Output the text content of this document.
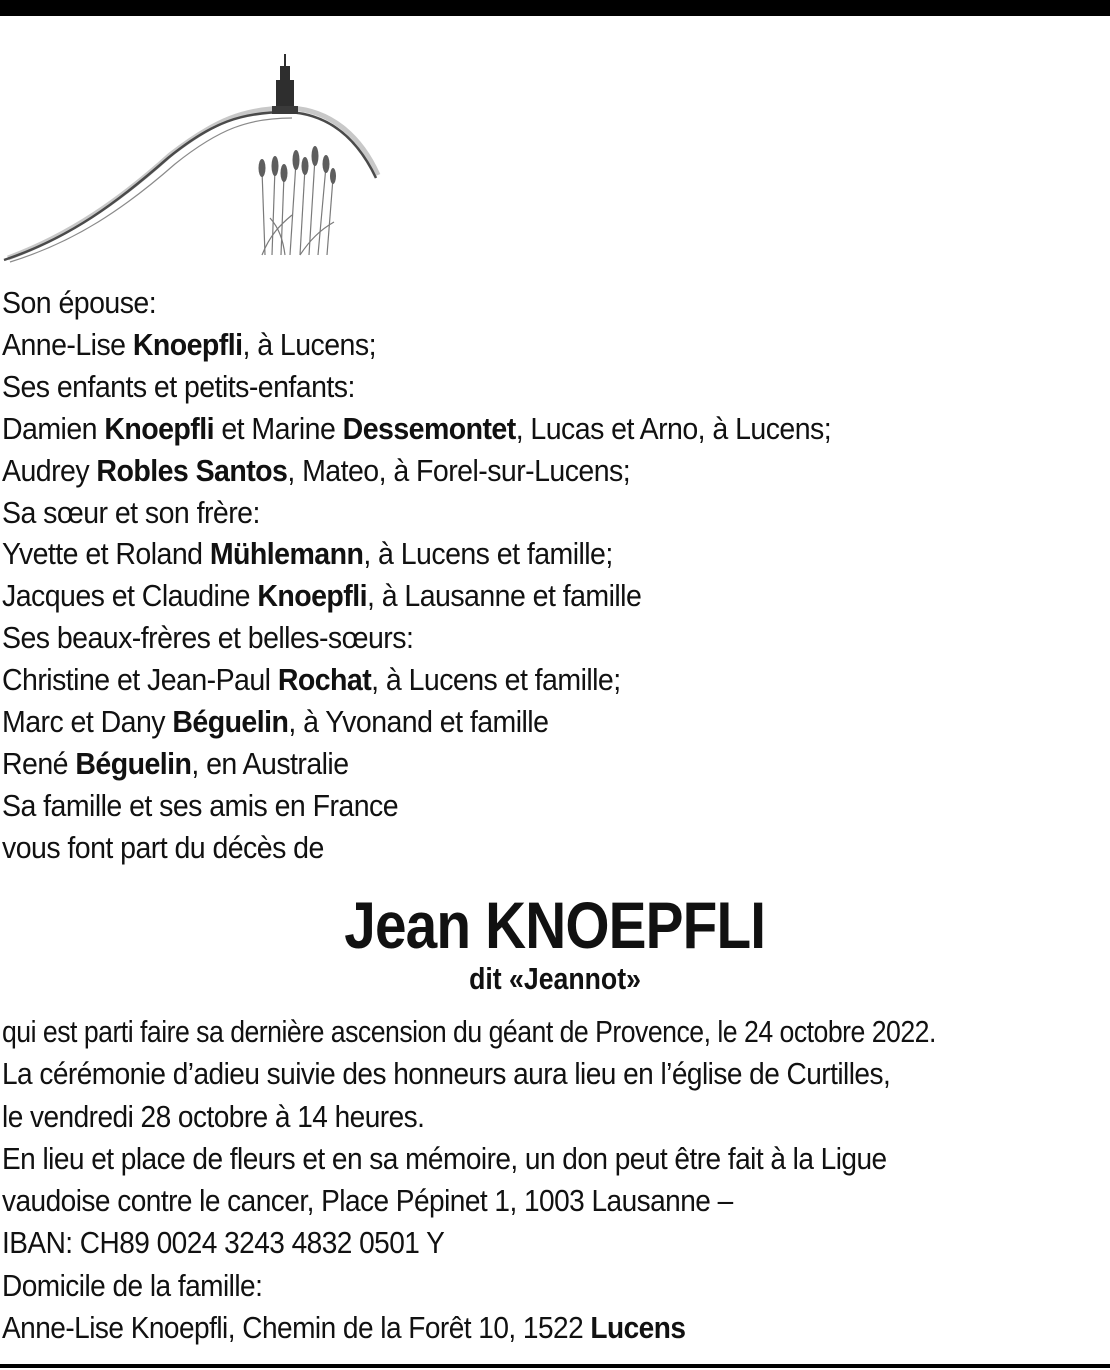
Son épouse:
Anne-Lise Knoepfli, à Lucens;
Ses enfants et petits-enfants:
Damien Knoepfli et Marine Dessemontet, Lucas et Arno, à Lucens;
Audrey Robles Santos, Mateo, à Forel-sur-Lucens;
Sa sœur et son frère:
Yvette et Roland Mühlemann, à Lucens et famille;
Jacques et Claudine Knoepfli, à Lausanne et famille
Ses beaux-frères et belles-sœurs:
Christine et Jean-Paul Rochat, à Lucens et famille;
Marc et Dany Béguelin, à Yvonand et famille
René Béguelin, en Australie
Sa famille et ses amis en France
vous font part du décès de
Jean KNOEPFLI
dit «Jeannot»
qui est parti faire sa dernière ascension du géant de Provence, le 24 octobre 2022.
La cérémonie d’adieu suivie des honneurs aura lieu en l’église de Curtilles,
le vendredi 28 octobre à 14 heures.
En lieu et place de fleurs et en sa mémoire, un don peut être fait à la Ligue
vaudoise contre le cancer, Place Pépinet 1, 1003 Lausanne –
IBAN: CH89 0024 3243 4832 0501 Y
Domicile de la famille:
Anne-Lise Knoepfli, Chemin de la Forêt 10, 1522 Lucens
